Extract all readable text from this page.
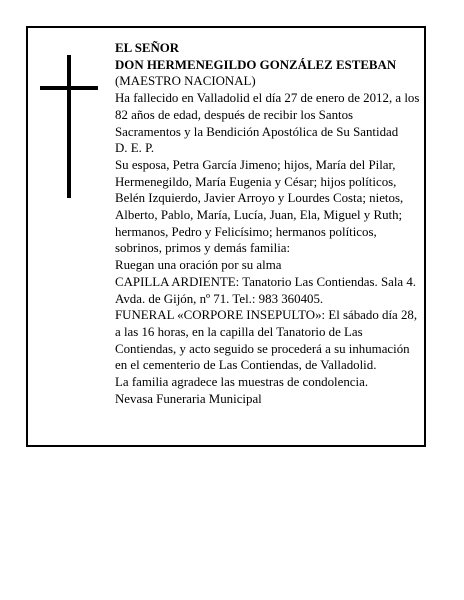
EL SEÑOR

DON HERMENEGILDO GONZÁLEZ ESTEBAN

(MAESTRO NACIONAL)

Ha fallecido en Valladolid el día 27 de enero de 2012, a los 82 años de edad, después de recibir los Santos Sacramentos y la Bendición Apostólica de Su Santidad

D. E. P.

Su esposa, Petra García Jimeno; hijos, María del Pilar, Hermenegildo, María Eugenia y César; hijos políticos, Belén Izquierdo, Javier Arroyo y Lourdes Costa; nietos, Alberto, Pablo, María, Lucía, Juan, Ela, Miguel y Ruth; hermanos, Pedro y Felicísimo; hermanos políticos, sobrinos, primos y demás familia:

Ruegan una oración por su alma

CAPILLA ARDIENTE: Tanatorio Las Contiendas. Sala 4. Avda. de Gijón, nº 71. Tel.: 983 360405.

FUNERAL «CORPORE INSEPULTO»: El sábado día 28, a las 16 horas, en la capilla del Tanatorio de Las Contiendas, y acto seguido se procederá a su inhumación en el cementerio de Las Contiendas, de Valladolid.

La familia agradece las muestras de condolencia.

Nevasa Funeraria Municipal
